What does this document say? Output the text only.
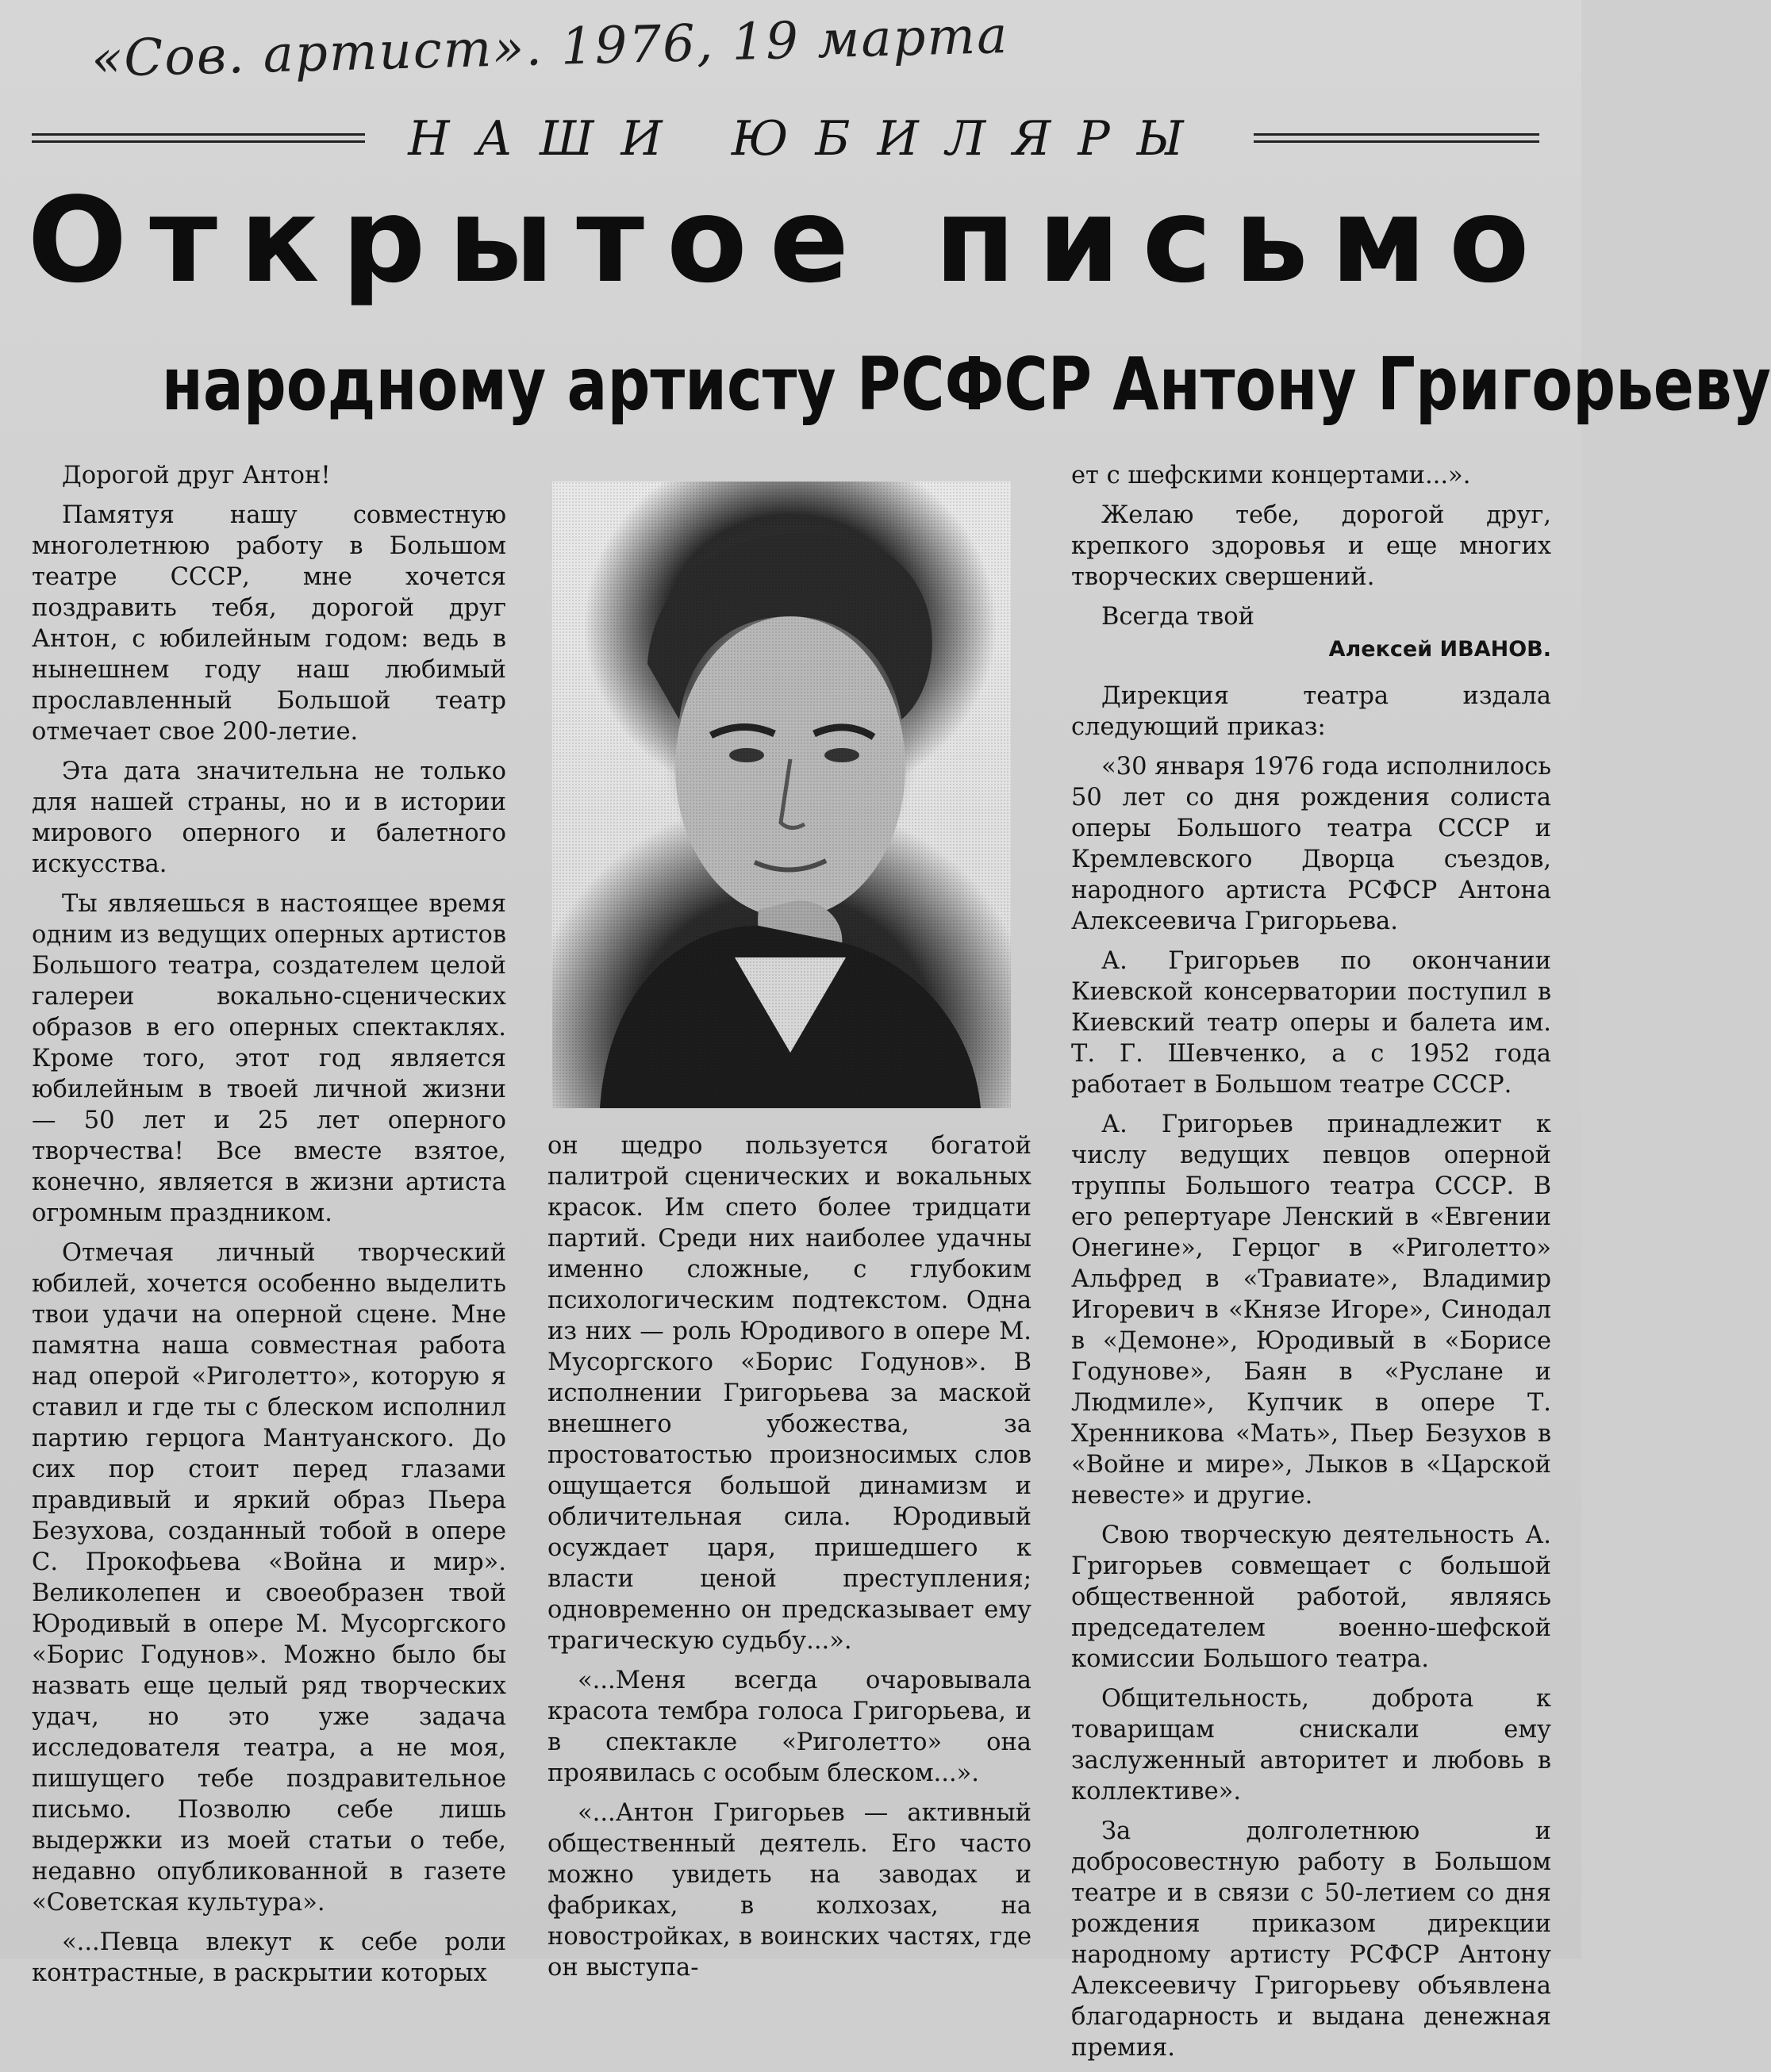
«Сов. артист». 1976, 19 марта
НАШИ ЮБИЛЯРЫ
Открытое письмо
народному артисту РСФСР Антону Григорьеву

Дорогой друг Антон!

Памятуя нашу совместную многолетнюю работу в Большом театре СССР, мне хочется поздравить тебя, дорогой друг Антон, с юбилейным годом: ведь в нынешнем году наш любимый прославленный Большой театр отмечает свое 200-летие.

Эта дата значительна не только для нашей страны, но и в истории мирового оперного и балетного искусства.

Ты являешься в настоящее время одним из ведущих оперных артистов Большого театра, создателем целой галереи вокально-сценических образов в его оперных спектаклях. Кроме того, этот год является юбилейным в твоей личной жизни — 50 лет и 25 лет оперного творчества! Все вместе взятое, конечно, является в жизни артиста огромным праздником.

Отмечая личный творческий юбилей, хочется особенно выделить твои удачи на оперной сцене. Мне памятна наша совместная работа над оперой «Риголетто», которую я ставил и где ты с блеском исполнил партию герцога Мантуанского. До сих пор стоит перед глазами правдивый и яркий образ Пьера Безухова, созданный тобой в опере С. Прокофьева «Война и мир». Великолепен и своеобразен твой Юродивый в опере М. Мусоргского «Борис Годунов». Можно было бы назвать еще целый ряд творческих удач, но это уже задача исследователя театра, а не моя, пишущего тебе поздравительное письмо. Позволю себе лишь выдержки из моей статьи о тебе, недавно опубликованной в газете «Советская культура».

«...Певца влекут к себе роли контрастные, в раскрытии которых

он щедро пользуется богатой палитрой сценических и вокальных красок. Им спето более тридцати партий. Среди них наиболее удачны именно сложные, с глубоким психологическим подтекстом. Одна из них — роль Юродивого в опере М. Мусоргского «Борис Годунов». В исполнении Григорьева за маской внешнего убожества, за простоватостью произносимых слов ощущается большой динамизм и обличительная сила. Юродивый осуждает царя, пришедшего к власти ценой преступления; одновременно он предсказывает ему трагическую судьбу...».

«...Меня всегда очаровывала красота тембра голоса Григорьева, и в спектакле «Риголетто» она проявилась с особым блеском...».

«...Антон Григорьев — активный общественный деятель. Его часто можно увидеть на заводах и фабриках, в колхозах, на новостройках, в воинских частях, где он выступа-

ет с шефскими концертами...».

Желаю тебе, дорогой друг, крепкого здоровья и еще многих творческих свершений.

Всегда твой

Алексей ИВАНОВ.

Дирекция театра издала следующий приказ:

«30 января 1976 года исполнилось 50 лет со дня рождения солиста оперы Большого театра СССР и Кремлевского Дворца съездов, народного артиста РСФСР Антона Алексеевича Григорьева.

А. Григорьев по окончании Киевской консерватории поступил в Киевский театр оперы и балета им. Т. Г. Шевченко, а с 1952 года работает в Большом театре СССР.

А. Григорьев принадлежит к числу ведущих певцов оперной труппы Большого театра СССР. В его репертуаре Ленский в «Евгении Онегине», Герцог в «Риголетто» Альфред в «Травиате», Владимир Игоревич в «Князе Игоре», Синодал в «Демоне», Юродивый в «Борисе Годунове», Баян в «Руслане и Людмиле», Купчик в опере Т. Хренникова «Мать», Пьер Безухов в «Войне и мире», Лыков в «Царской невесте» и другие.

Свою творческую деятельность А. Григорьев совмещает с большой общественной работой, являясь председателем военно-шефской комиссии Большого театра.

Общительность, доброта к товарищам снискали ему заслуженный авторитет и любовь в коллективе».

За долголетнюю и добросовестную работу в Большом театре и в связи с 50-летием со дня рождения приказом дирекции народному артисту РСФСР Антону Алексеевичу Григорьеву объявлена благодарность и выдана денежная премия.
